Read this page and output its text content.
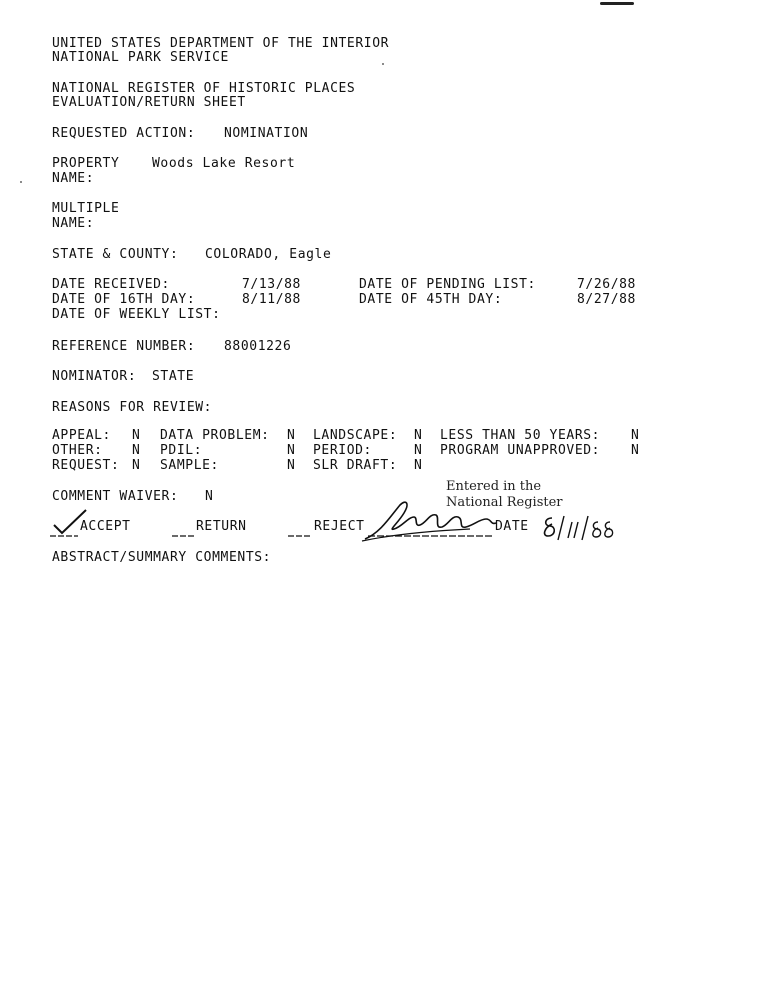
UNITED STATES DEPARTMENT OF THE INTERIOR
NATIONAL PARK SERVICE
NATIONAL REGISTER OF HISTORIC PLACES
EVALUATION/RETURN SHEET
REQUESTED ACTION: NOMINATION
PROPERTY
NAME:
Woods Lake Resort
MULTIPLE
NAME:
STATE & COUNTY: COLORADO, Eagle
DATE RECEIVED:	7/13/88	DATE OF PENDING LIST:	7/26/88
DATE OF 16TH DAY:	8/11/88	DATE OF 45TH DAY:	8/27/88
DATE OF WEEKLY LIST:
REFERENCE NUMBER: 88001226
NOMINATOR: STATE
REASONS FOR REVIEW:
APPEAL: N DATA PROBLEM: N LANDSCAPE: N LESS THAN 50 YEARS: N
OTHER: N PDIL:	N PERIOD:	N PROGRAM UNAPPROVED: N
REQUEST: N SAMPLE:	N SLR DRAFT: N
COMMENT WAIVER: N
Entered in the
National Register
ACCEPT	RETURN	REJECT	DATE
8/11/88
ABSTRACT/SUMMARY COMMENTS:
